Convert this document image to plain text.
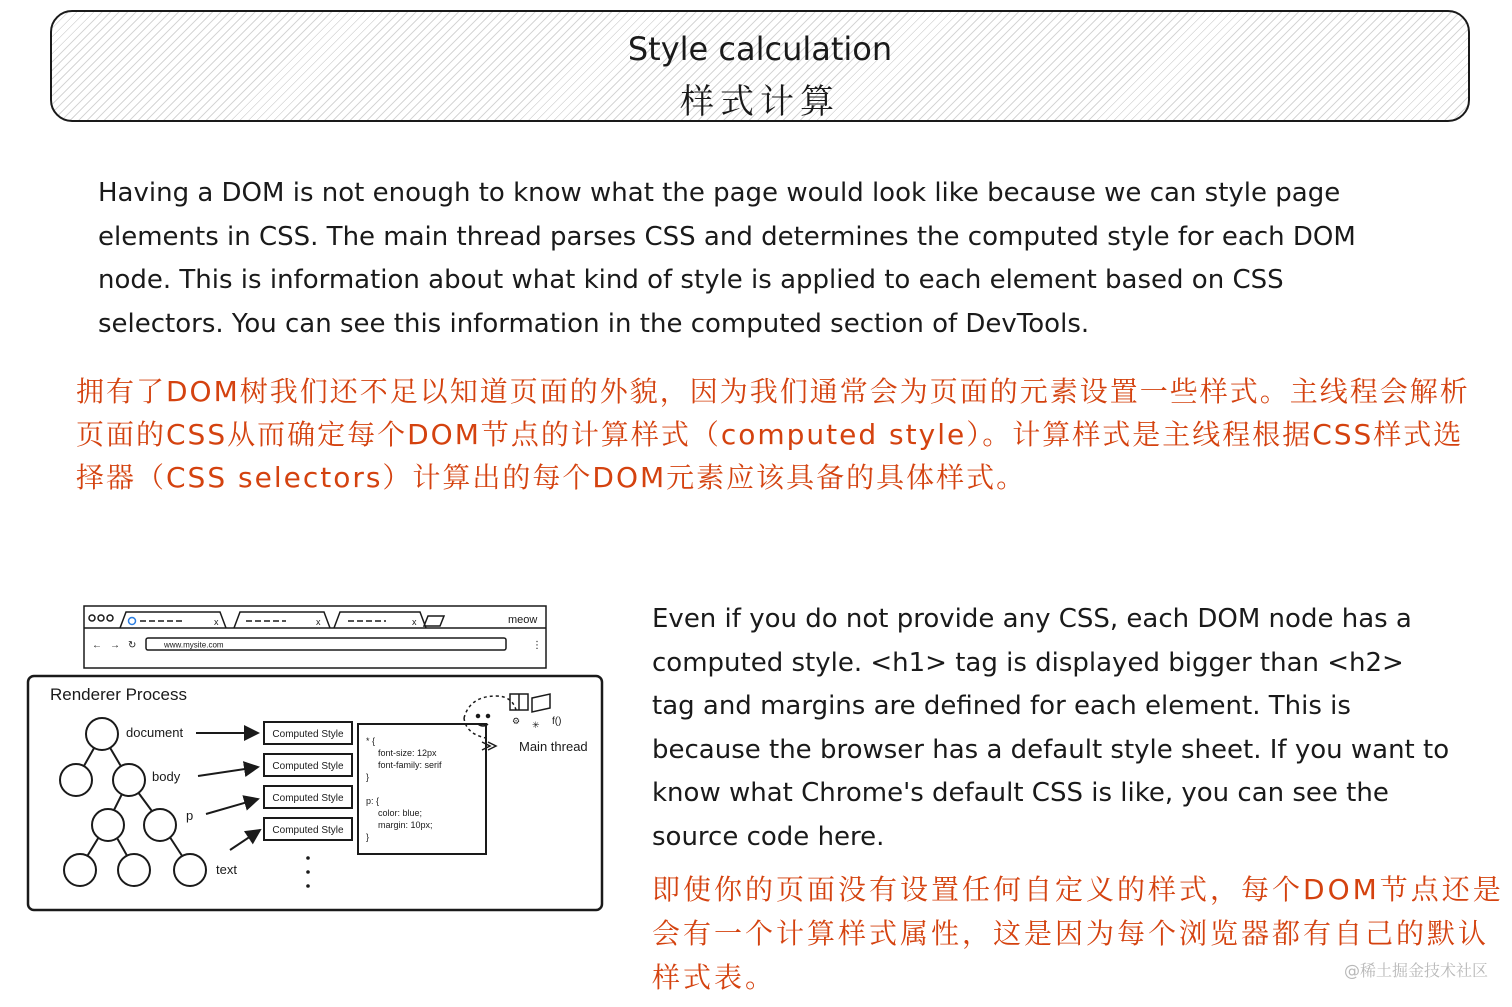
Style calculation
样式计算

Having a DOM is not enough to know what the page would look like because we can style page elements in CSS. The main thread parses CSS and determines the computed style for each DOM node. This is information about what kind of style is applied to each element based on CSS selectors. You can see this information in the computed section of DevTools.

拥有了DOM树我们还不足以知道页面的外貌，因为我们通常会为页面的元素设置一些样式。主线程会解析页面的CSS从而确定每个DOM节点的计算样式（computed style）。计算样式是主线程根据CSS样式选择器（CSS selectors）计算出的每个DOM元素应该具备的具体样式。

x	x	x	meow
← → ↻	www.mysite.com	⋮
Renderer Process
document
body
p
text
Computed Style
Computed Style
Computed Style
Computed Style
* {
font-size: 12px
font-family: serif
}
p: {
color: blue;
margin: 10px;
}
f()
⚙ ✳
Main thread

Even if you do not provide any CSS, each DOM node has a computed style. <h1> tag is displayed bigger than <h2> tag and margins are defined for each element. This is because the browser has a default style sheet. If you want to know what Chrome's default CSS is like, you can see the source code here.

即使你的页面没有设置任何自定义的样式，每个DOM节点还是会有一个计算样式属性，这是因为每个浏览器都有自己的默认样式表。	@稀土掘金技术社区
